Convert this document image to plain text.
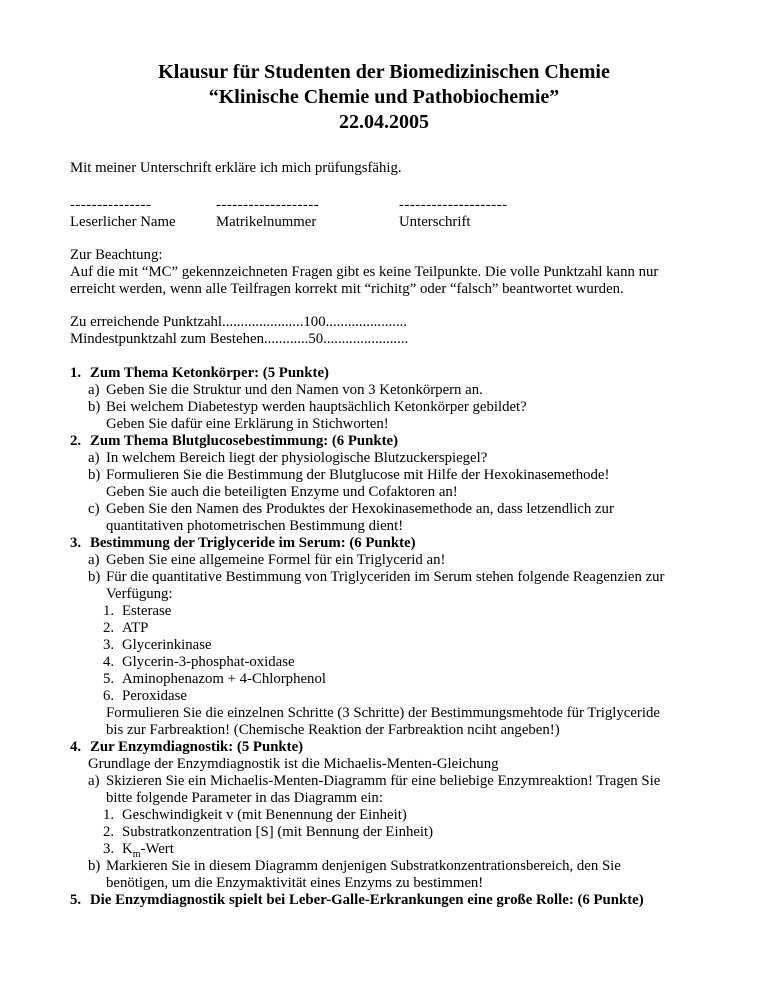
Klausur für Studenten der Biomedizinischen Chemie
“Klinische Chemie und Pathobiochemie”
22.04.2005
Mit meiner Unterschrift erkläre ich mich prüfungsfähig.
---------------
Leserlicher Name
-------------------
Matrikelnummer
--------------------
Unterschrift
Zur Beachtung:
Auf die mit “MC” gekennzeichneten Fragen gibt es keine Teilpunkte. Die volle Punktzahl kann nur
erreicht werden, wenn alle Teilfragen korrekt mit “richitg” oder “falsch” beantwortet wurden.
Zu erreichende Punktzahl......................100......................
Mindestpunktzahl zum Bestehen............50.......................
1. Zum Thema Ketonkörper: (5 Punkte)
a) Geben Sie die Struktur und den Namen von 3 Ketonkörpern an.
b) Bei welchem Diabetestyp werden hauptsächlich Ketonkörper gebildet?
Geben Sie dafür eine Erklärung in Stichworten!
2. Zum Thema Blutglucosebestimmung: (6 Punkte)
a) In welchem Bereich liegt der physiologische Blutzuckerspiegel?
b) Formulieren Sie die Bestimmung der Blutglucose mit Hilfe der Hexokinasemethode!
Geben Sie auch die beteiligten Enzyme und Cofaktoren an!
c) Geben Sie den Namen des Produktes der Hexokinasemethode an, dass letzendlich zur
quantitativen photometrischen Bestimmung dient!
3. Bestimmung der Triglyceride im Serum: (6 Punkte)
a) Geben Sie eine allgemeine Formel für ein Triglycerid an!
b) Für die quantitative Bestimmung von Triglyceriden im Serum stehen folgende Reagenzien zur
Verfügung:
1. Esterase
2. ATP
3. Glycerinkinase
4. Glycerin-3-phosphat-oxidase
5. Aminophenazom + 4-Chlorphenol
6. Peroxidase
Formulieren Sie die einzelnen Schritte (3 Schritte) der Bestimmungsmehtode für Triglyceride
bis zur Farbreaktion! (Chemische Reaktion der Farbreaktion nciht angeben!)
4. Zur Enzymdiagnostik: (5 Punkte)
Grundlage der Enzymdiagnostik ist die Michaelis-Menten-Gleichung
a) Skizieren Sie ein Michaelis-Menten-Diagramm für eine beliebige Enzymreaktion! Tragen Sie
bitte folgende Parameter in das Diagramm ein:
1. Geschwindigkeit v (mit Benennung der Einheit)
2. Substratkonzentration [S] (mit Bennung der Einheit)
3. $K_m$-Wert
b) Markieren Sie in diesem Diagramm denjenigen Substratkonzentrationsbereich, den Sie
benötigen, um die Enzymaktivität eines Enzyms zu bestimmen!
5. Die Enzymdiagnostik spielt bei Leber-Galle-Erkrankungen eine große Rolle: (6 Punkte)
